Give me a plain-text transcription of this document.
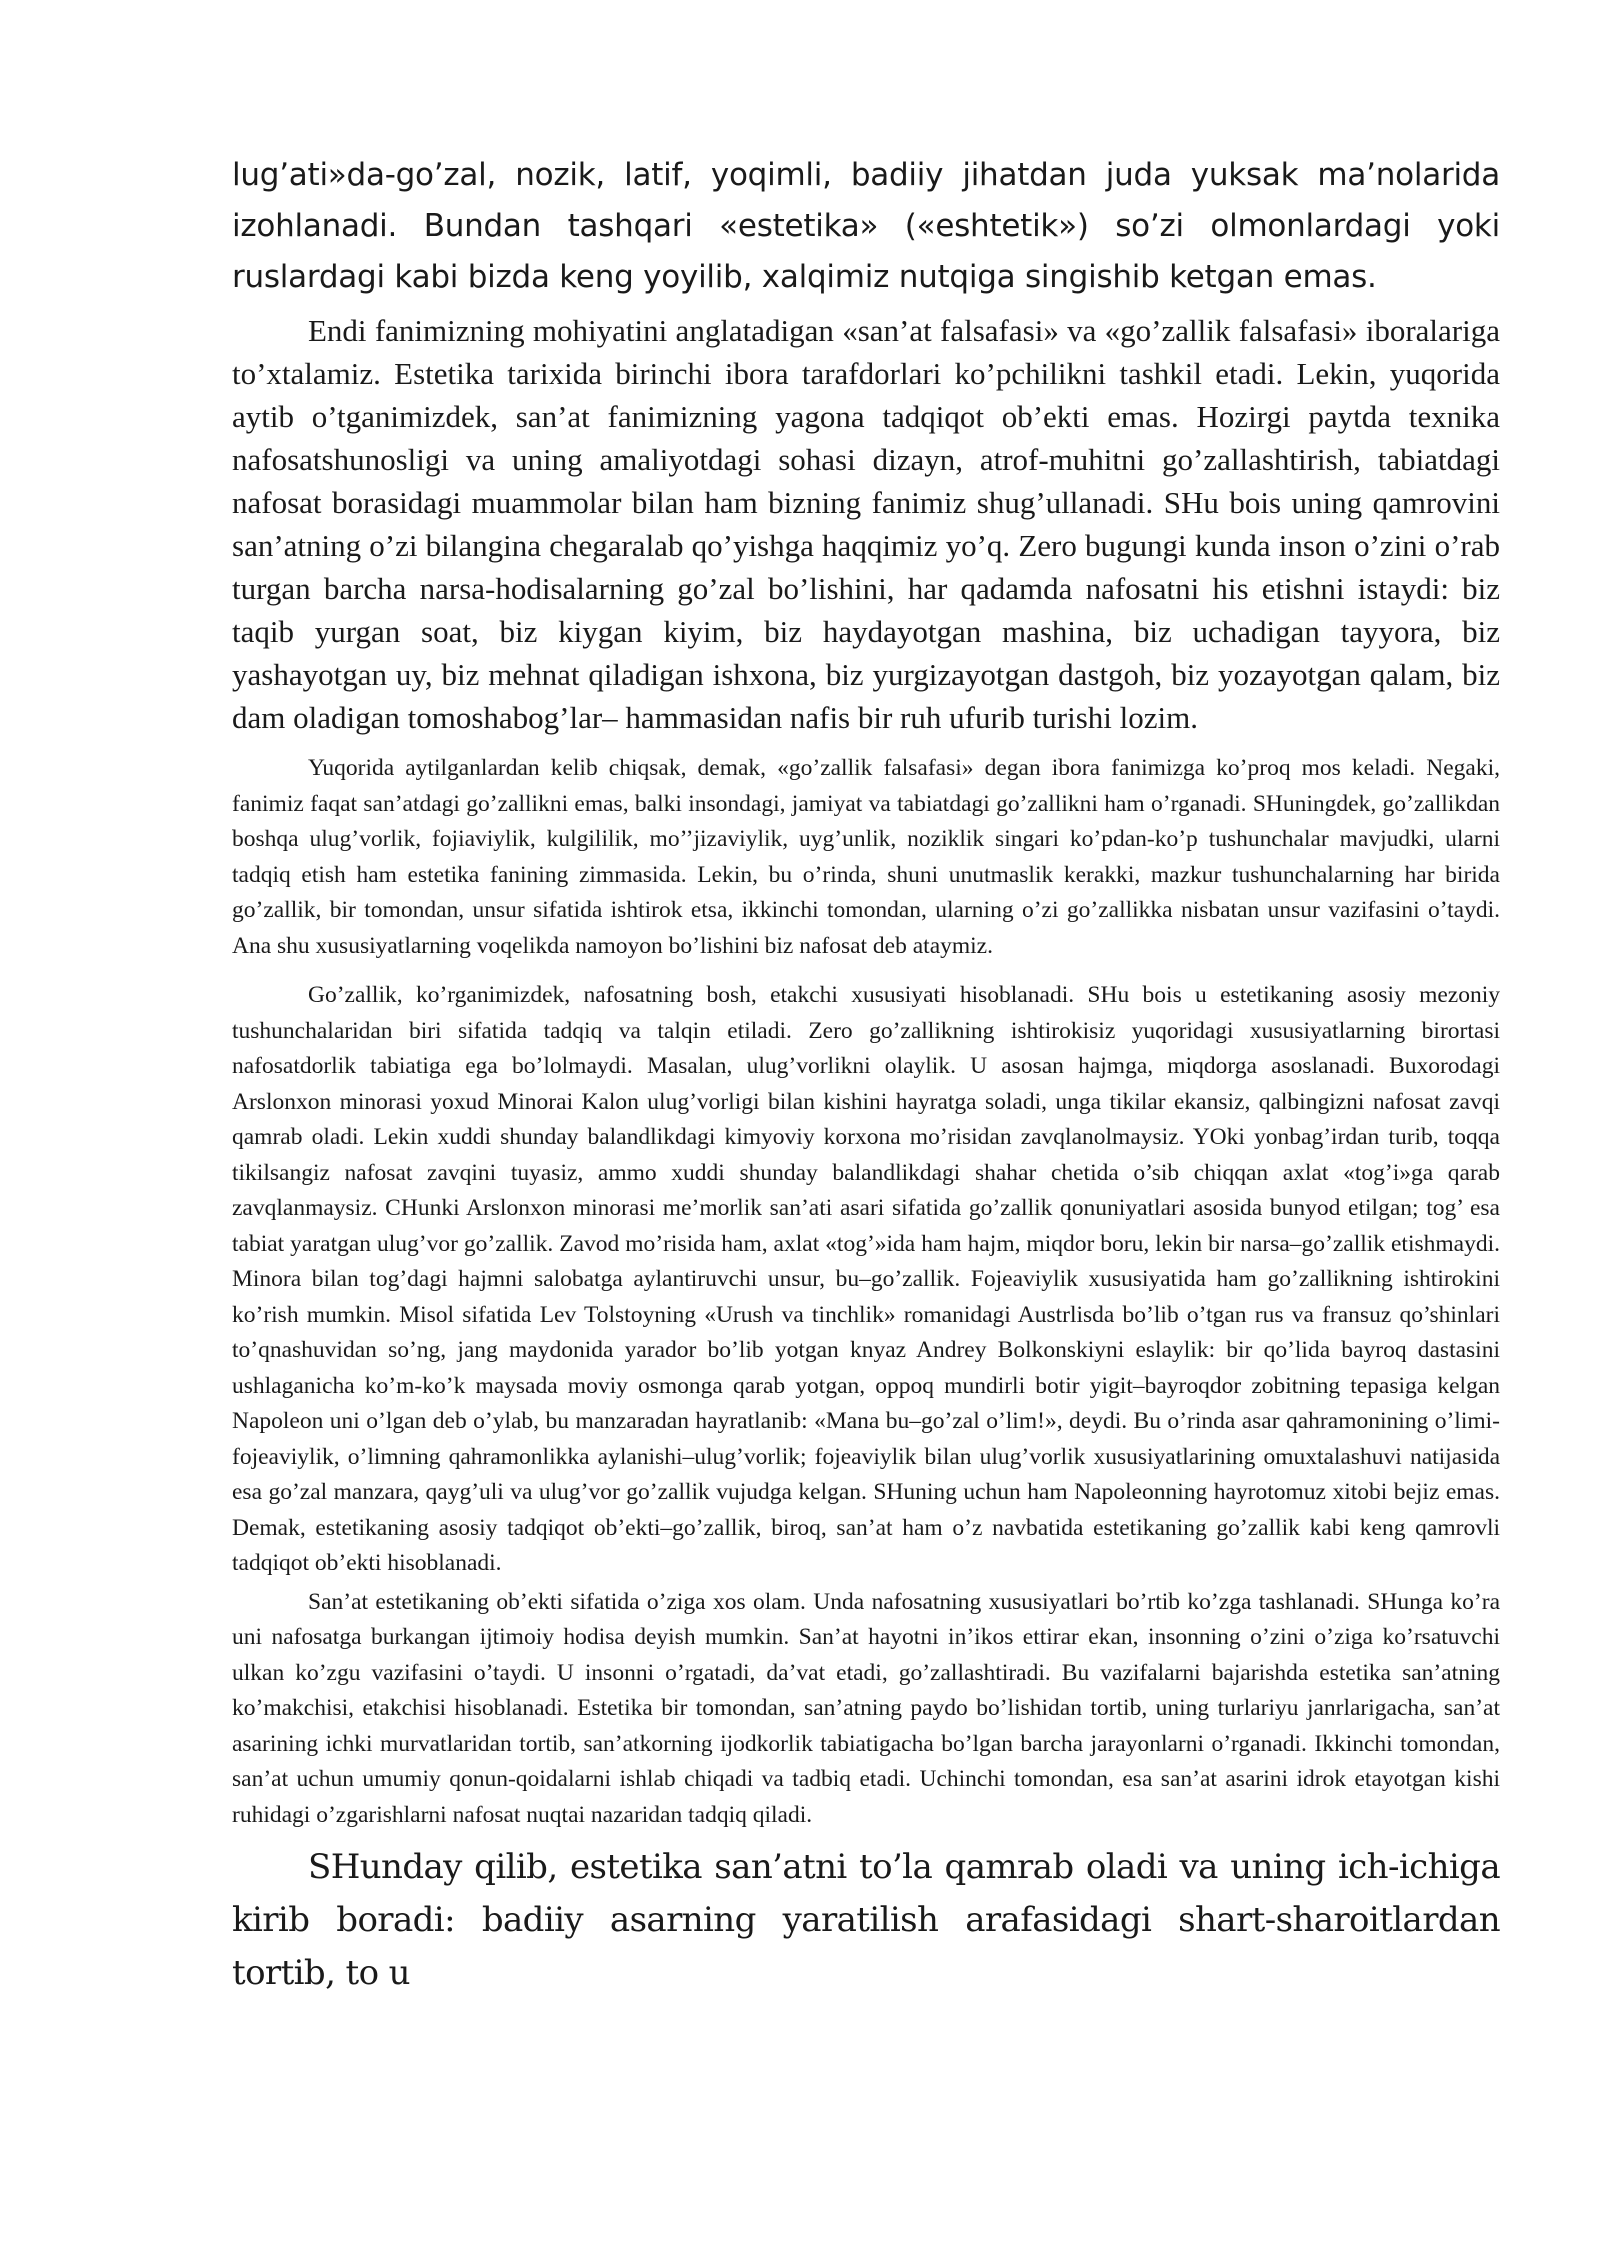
lug’ati»da-go’zal, nozik, latif, yoqimli, badiiy jihatdan juda yuksak ma’nolarida izohlanadi. Bundan tashqari «estetika» («eshtetik») so’zi olmonlardagi yoki ruslardagi kabi bizda keng yoyilib, xalqimiz nutqiga singishib ketgan emas.

Endi fanimizning mohiyatini anglatadigan «san’at falsafasi» va «go’zallik falsafasi» iboralariga to’xtalamiz. Estetika tarixida birinchi ibora tarafdorlari ko’pchilikni tashkil etadi. Lekin, yuqorida aytib o’tganimizdek, san’at fanimizning yagona tadqiqot ob’ekti emas. Hozirgi paytda texnika nafosatshunosligi va uning amaliyotdagi sohasi dizayn, atrof-muhitni go’zallashtirish, tabiatdagi nafosat borasidagi muammolar bilan ham bizning fanimiz shug’ullanadi. SHu bois uning qamrovini san’atning o’zi bilangina chegaralab qo’yishga haqqimiz yo’q. Zero bugungi kunda inson o’zini o’rab turgan barcha narsa-hodisalarning go’zal bo’lishini, har qadamda nafosatni his etishni istaydi: biz taqib yurgan soat, biz kiygan kiyim, biz haydayotgan mashina, biz uchadigan tayyora, biz yashayotgan uy, biz mehnat qiladigan ishxona, biz yurgizayotgan dastgoh, biz yozayotgan qalam, biz dam oladigan tomoshabog’lar– hammasidan nafis bir ruh ufurib turishi lozim.

Yuqorida aytilganlardan kelib chiqsak, demak, «go’zallik falsafasi» degan ibora fanimizga ko’proq mos keladi. Negaki, fanimiz faqat san’atdagi go’zallikni emas, balki insondagi, jamiyat va tabiatdagi go’zallikni ham o’rganadi. SHuningdek, go’zallikdan boshqa ulug’vorlik, fojiaviylik, kulgililik, mo’’jizaviylik, uyg’unlik, noziklik singari ko’pdan-ko’p tushunchalar mavjudki, ularni tadqiq etish ham estetika fanining zimmasida. Lekin, bu o’rinda, shuni unutmaslik kerakki, mazkur tushunchalarning har birida go’zallik, bir tomondan, unsur sifatida ishtirok etsa, ikkinchi tomondan, ularning o’zi go’zallikka nisbatan unsur vazifasini o’taydi. Ana shu xususiyatlarning voqelikda namoyon bo’lishini biz nafosat deb ataymiz.

Go’zallik, ko’rganimizdek, nafosatning bosh, etakchi xususiyati hisoblanadi. SHu bois u estetikaning asosiy mezoniy tushunchalaridan biri sifatida tadqiq va talqin etiladi. Zero go’zallikning ishtirokisiz yuqoridagi xususiyatlarning birortasi nafosatdorlik tabiatiga ega bo’lolmaydi. Masalan, ulug’vorlikni olaylik. U asosan hajmga, miqdorga asoslanadi. Buxorodagi Arslonxon minorasi yoxud Minorai Kalon ulug’vorligi bilan kishini hayratga soladi, unga tikilar ekansiz, qalbingizni nafosat zavqi qamrab oladi. Lekin xuddi shunday balandlikdagi kimyoviy korxona mo’risidan zavqlanolmaysiz. YOki yonbag’irdan turib, toqqa tikilsangiz nafosat zavqini tuyasiz, ammo xuddi shunday balandlikdagi shahar chetida o’sib chiqqan axlat «tog’i»ga qarab zavqlanmaysiz. CHunki Arslonxon minorasi me’morlik san’ati asari sifatida go’zallik qonuniyatlari asosida bunyod etilgan; tog’ esa tabiat yaratgan ulug’vor go’zallik. Zavod mo’risida ham, axlat «tog’»ida ham hajm, miqdor boru, lekin bir narsa–go’zallik etishmaydi. Minora bilan tog’dagi hajmni salobatga aylantiruvchi unsur, bu–go’zallik. Fojeaviylik xususiyatida ham go’zallikning ishtirokini ko’rish mumkin. Misol sifatida Lev Tolstoyning «Urush va tinchlik» romanidagi Austrlisda bo’lib o’tgan rus va fransuz qo’shinlari to’qnashuvidan so’ng, jang maydonida yarador bo’lib yotgan knyaz Andrey Bolkonskiyni eslaylik: bir qo’lida bayroq dastasini ushlaganicha ko’m-ko’k maysada moviy osmonga qarab yotgan, oppoq mundirli botir yigit–bayroqdor zobitning tepasiga kelgan Napoleon uni o’lgan deb o’ylab, bu manzaradan hayratlanib: «Mana bu–go’zal o’lim!», deydi. Bu o’rinda asar qahramonining o’limi- fojeaviylik, o’limning qahramonlikka aylanishi–ulug’vorlik; fojeaviylik bilan ulug’vorlik xususiyatlarining omuxtalashuvi natijasida esa go’zal manzara, qayg’uli va ulug’vor go’zallik vujudga kelgan. SHuning uchun ham Napoleonning hayrotomuz xitobi bejiz emas. Demak, estetikaning asosiy tadqiqot ob’ekti–go’zallik, biroq, san’at ham o’z navbatida estetikaning go’zallik kabi keng qamrovli tadqiqot ob’ekti hisoblanadi.

San’at estetikaning ob’ekti sifatida o’ziga xos olam. Unda nafosatning xususiyatlari bo’rtib ko’zga tashlanadi. SHunga ko’ra uni nafosatga burkangan ijtimoiy hodisa deyish mumkin. San’at hayotni in’ikos ettirar ekan, insonning o’zini o’ziga ko’rsatuvchi ulkan ko’zgu vazifasini o’taydi. U insonni o’rgatadi, da’vat etadi, go’zallashtiradi. Bu vazifalarni bajarishda estetika san’atning ko’makchisi, etakchisi hisoblanadi. Estetika bir tomondan, san’atning paydo bo’lishidan tortib, uning turlariyu janrlarigacha, san’at asarining ichki murvatlaridan tortib, san’atkorning ijodkorlik tabiatigacha bo’lgan barcha jarayonlarni o’rganadi. Ikkinchi tomondan, san’at uchun umumiy qonun-qoidalarni ishlab chiqadi va tadbiq etadi. Uchinchi tomondan, esa san’at asarini idrok etayotgan kishi ruhidagi o’zgarishlarni nafosat nuqtai nazaridan tadqiq qiladi.

SHunday qilib, estetika san’atni to’la qamrab oladi va uning ich-ichiga kirib boradi: badiiy asarning yaratilish arafasidagi shart-sharoitlardan tortib, to u
